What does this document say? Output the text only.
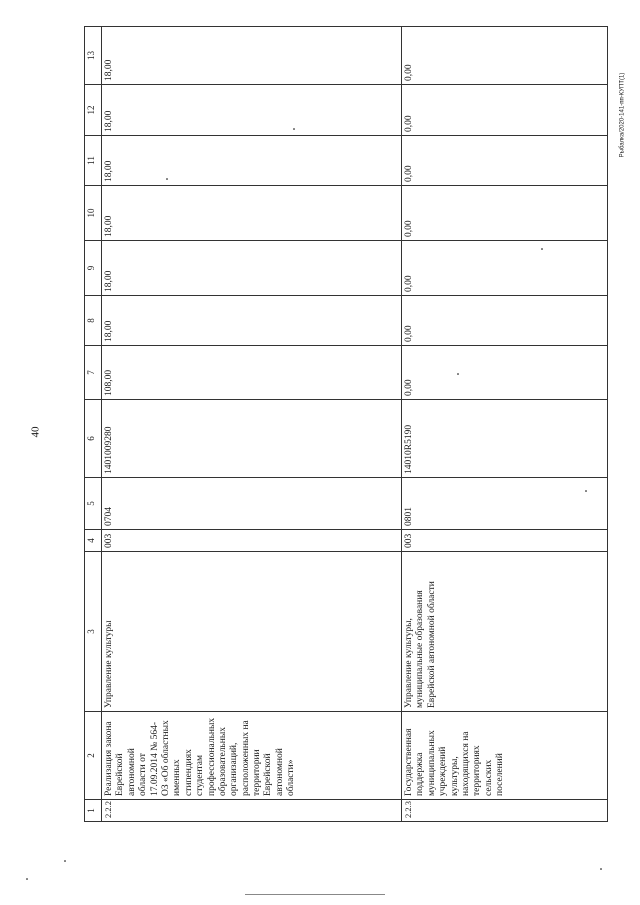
40
Рыбалка/2020-141-пп-КУПТ(1)
1	2	3	4	5	6	7	8	9	10	11	12	13
2.2.2	Реализация закона Еврейской автономной области от 17.09.2014 № 564-ОЗ «Об областных именных стипендиях студентам профессиональных образовательных организаций, расположенных на территории Еврейской автономной области»	Управление культуры	003	0704	1401009280	108,00	18,00	18,00	18,00	18,00	18,00	18,00
2.2.3	Государственная поддержка муниципальных учреждений культуры, находящихся на территориях сельских поселений	Управление культуры, муниципальные образования Еврейской автономной области	003	0801	14010R5190	0,00	0,00	0,00	0,00	0,00	0,00	0,00
